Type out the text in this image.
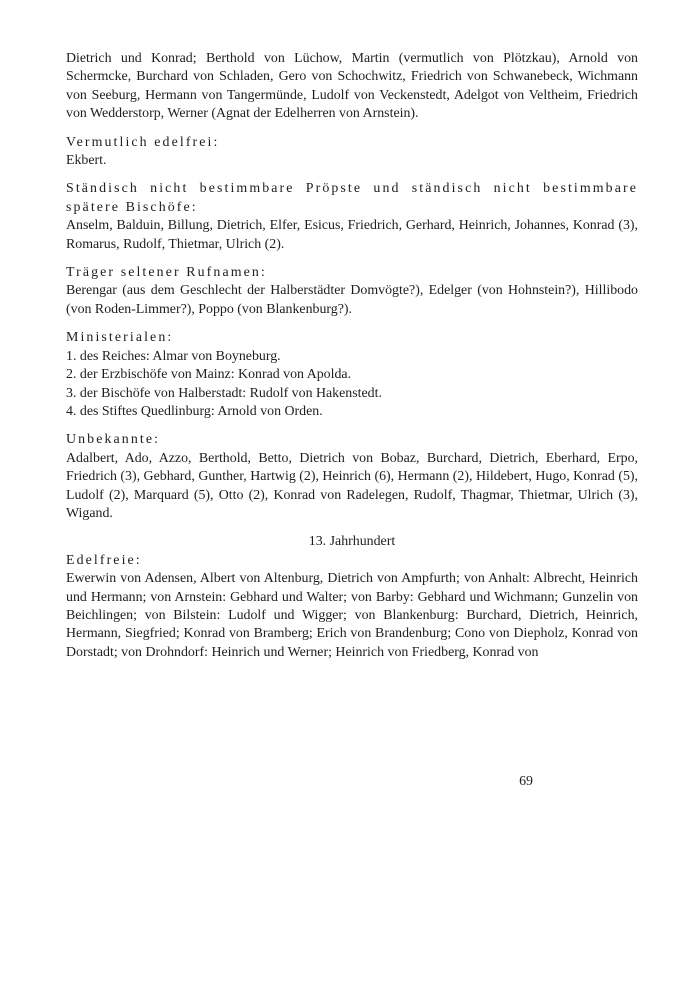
Dietrich und Konrad; Berthold von Lüchow, Martin (vermutlich von Plötzkau), Arnold von Schermcke, Burchard von Schladen, Gero von Schochwitz, Friedrich von Schwanebeck, Wichmann von Seeburg, Hermann von Tangermünde, Ludolf von Veckenstedt, Adelgot von Veltheim, Friedrich von Wedderstorp, Werner (Agnat der Edelherren von Arnstein).

Vermutlich edelfrei:

Ekbert.

Ständisch nicht bestimmbare Pröpste und ständisch nicht bestimmbare spätere Bischöfe:

Anselm, Balduin, Billung, Dietrich, Elfer, Esicus, Friedrich, Gerhard, Heinrich, Johannes, Konrad (3), Romarus, Rudolf, Thietmar, Ulrich (2).

Träger seltener Rufnamen:

Berengar (aus dem Geschlecht der Halberstädter Domvögte?), Edelger (von Hohnstein?), Hillibodo (von Roden-Limmer?), Poppo (von Blankenburg?).

Ministerialen:

1. des Reiches: Almar von Boyneburg.
2. der Erzbischöfe von Mainz: Konrad von Apolda.
3. der Bischöfe von Halberstadt: Rudolf von Hakenstedt.
4. des Stiftes Quedlinburg: Arnold von Orden.

Unbekannte:

Adalbert, Ado, Azzo, Berthold, Betto, Dietrich von Bobaz, Burchard, Dietrich, Eberhard, Erpo, Friedrich (3), Gebhard, Gunther, Hartwig (2), Heinrich (6), Hermann (2), Hildebert, Hugo, Konrad (5), Ludolf (2), Marquard (5), Otto (2), Konrad von Radelegen, Rudolf, Thagmar, Thietmar, Ulrich (3), Wigand.

13. Jahrhundert

Edelfreie:

Ewerwin von Adensen, Albert von Altenburg, Dietrich von Ampfurth; von Anhalt: Albrecht, Heinrich und Hermann; von Arnstein: Gebhard und Walter; von Barby: Gebhard und Wichmann; Gunzelin von Beichlingen; von Bilstein: Ludolf und Wigger; von Blankenburg: Burchard, Dietrich, Heinrich, Hermann, Siegfried; Konrad von Bramberg; Erich von Brandenburg; Cono von Diepholz, Konrad von Dorstadt; von Drohndorf: Heinrich und Werner; Heinrich von Friedberg, Konrad von

69
